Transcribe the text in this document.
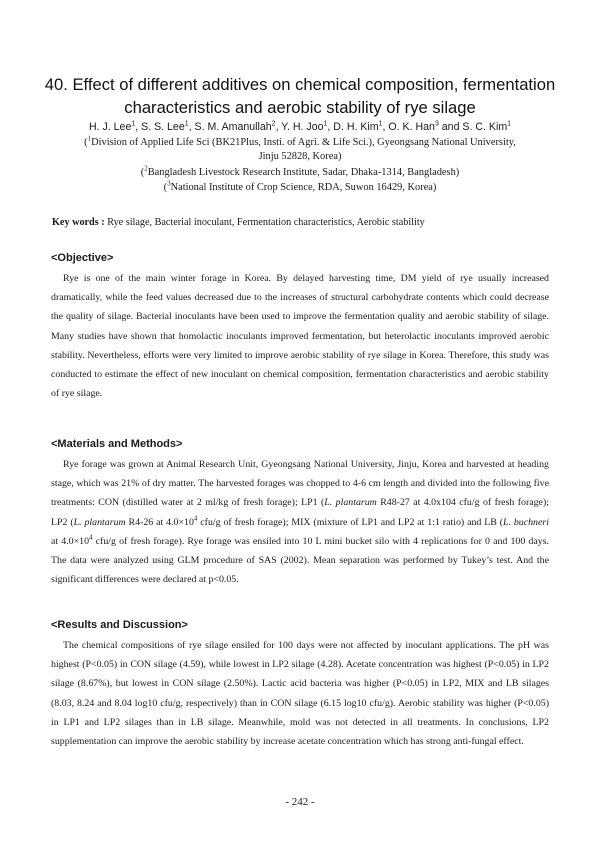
40. Effect of different additives on chemical composition, fermentation
characteristics and aerobic stability of rye silage
H. J. Lee$^1$, S. S. Lee$^1$, S. M. Amanullah$^2$, Y. H. Joo$^1$, D. H. Kim$^1$, O. K. Han$^3$ and S. C. Kim$^1$
($^1$Division of Applied Life Sci (BK21Plus, Insti. of Agri. & Life Sci.), Gyeongsang National University,
Jinju 52828, Korea)
($^2$Bangladesh Livestock Research Institute, Sadar, Dhaka-1314, Bangladesh)
($^3$National Institute of Crop Science, RDA, Suwon 16429, Korea)
Key words : Rye silage, Bacterial inoculant, Fermentation characteristics, Aerobic stability
<Objective>

Rye is one of the main winter forage in Korea. By delayed harvesting time, DM yield of rye usually increased dramatically, while the feed values decreased due to the increases of structural carbohydrate contents which could decrease the quality of silage. Bacterial inoculants have been used to improve the fermentation quality and aerobic stability of silage. Many studies have shown that homolactic inoculants improved fermentation, but heterolactic inoculants improved aerobic stability. Nevertheless, efforts were very limited to improve aerobic stability of rye silage in Korea. Therefore, this study was conducted to estimate the effect of new inoculant on chemical composition, fermentation characteristics and aerobic stability of rye silage.

<Materials and Methods>

Rye forage was grown at Animal Research Unit, Gyeongsang National University, Jinju, Korea and harvested at heading stage, which was 21% of dry matter. The harvested forages was chopped to 4-6 cm length and divided into the following five treatments: CON (distilled water at 2 ml/kg of fresh forage); LP1 (L. plantarum R48-27 at 4.0x104 cfu/g of fresh forage); LP2 (L. plantarum R4-26 at $4.0\times 10^4$ cfu/g of fresh forage); MIX (mixture of LP1 and LP2 at 1:1 ratio) and LB (L. buchneri at $4.0\times 10^4$ cfu/g of fresh forage). Rye forage was ensiled into 10 L mini bucket silo with 4 replications for 0 and 100 days. The data were analyzed using GLM procedure of SAS (2002). Mean separation was performed by Tukey’s test. And the significant differences were declared at p<0.05.

<Results and Discussion>

The chemical compositions of rye silage ensiled for 100 days were not affected by inoculant applications. The pH was highest (P<0.05) in CON silage (4.59), while lowest in LP2 silage (4.28). Acetate concentration was highest (P<0.05) in LP2 silage (8.67%), but lowest in CON silage (2.50%). Lactic acid bacteria was higher (P<0.05) in LP2, MIX and LB silages (8.03, 8.24 and 8.04 log10 cfu/g, respectively) than in CON silage (6.15 log10 cfu/g). Aerobic stability was higher (P<0.05) in LP1 and LP2 silages than in LB silage. Meanwhile, mold was not detected in all treatments. In conclusions, LP2 supplementation can improve the aerobic stability by increase acetate concentration which has strong anti-fungal effect.

- 242 -
